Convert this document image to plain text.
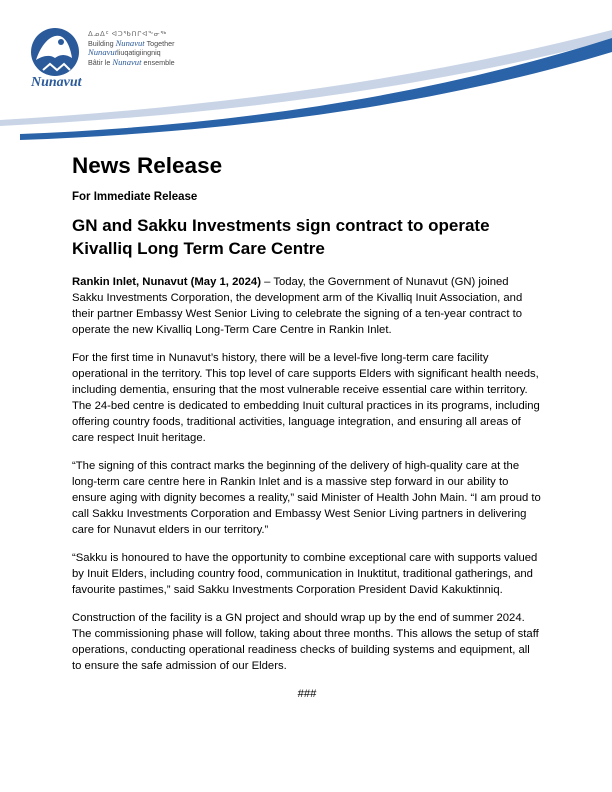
ᐃᓄᐃᑦ ᐊᑐᖃᑎᒋᐊᖕᓂᖅ
Building Nunavut Together
Nunavutliuqatigiingniq
Bâtir le Nunavut ensemble
Nunavut
News Release
For Immediate Release
GN and Sakku Investments sign contract to operate Kivalliq Long Term Care Centre

Rankin Inlet, Nunavut (May 1, 2024) – Today, the Government of Nunavut (GN) joined Sakku Investments Corporation, the development arm of the Kivalliq Inuit Association, and their partner Embassy West Senior Living to celebrate the signing of a ten-year contract to operate the new Kivalliq Long-Term Care Centre in Rankin Inlet.

For the first time in Nunavut’s history, there will be a level-five long-term care facility operational in the territory. This top level of care supports Elders with significant health needs, including dementia, ensuring that the most vulnerable receive essential care within territory. The 24-bed centre is dedicated to embedding Inuit cultural practices in its programs, including offering country foods, traditional activities, language integration, and ensuring all areas of care respect Inuit heritage.

“The signing of this contract marks the beginning of the delivery of high-quality care at the long-term care centre here in Rankin Inlet and is a massive step forward in our ability to ensure aging with dignity becomes a reality,” said Minister of Health John Main. “I am proud to call Sakku Investments Corporation and Embassy West Senior Living partners in delivering care for Nunavut elders in our territory.”

“Sakku is honoured to have the opportunity to combine exceptional care with supports valued by Inuit Elders, including country food, communication in Inuktitut, traditional gatherings, and favourite pastimes,” said Sakku Investments Corporation President David Kakuktinniq.

Construction of the facility is a GN project and should wrap up by the end of summer 2024. The commissioning phase will follow, taking about three months. This allows the setup of staff operations, conducting operational readiness checks of building systems and equipment, all to ensure the safe admission of our Elders.

###
